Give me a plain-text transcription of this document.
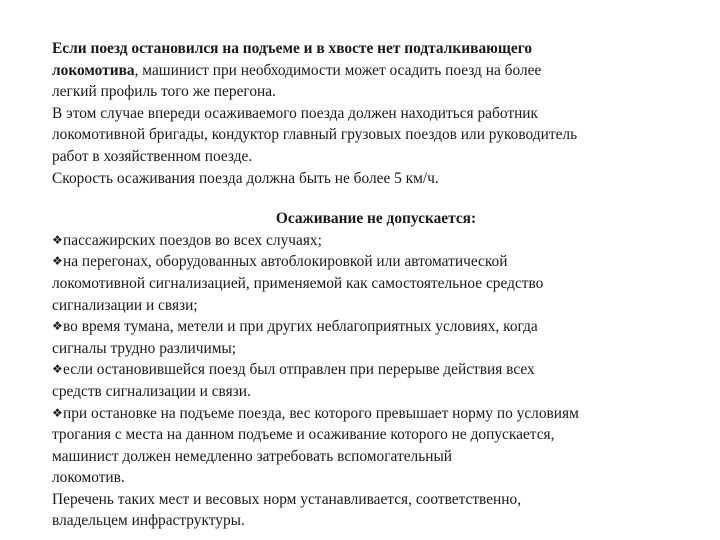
Если поезд остановился на подъеме и в хвосте нет подталкивающего
локомотива, машинист при необходимости может осадить поезд на более
легкий профиль того же перегона.
В этом случае впереди осаживаемого поезда должен находиться работник
локомотивной бригады, кондуктор главный грузовых поездов или руководитель
работ в хозяйственном поезде.
Скорость осаживания поезда должна быть не более 5 км/ч.
Осаживание не допускается:
❖пассажирских поездов во всех случаях;
❖на перегонах, оборудованных автоблокировкой или автоматической
локомотивной сигнализацией, применяемой как самостоятельное средство
сигнализации и связи;
❖во время тумана, метели и при других неблагоприятных условиях, когда
сигналы трудно различимы;
❖если остановившейся поезд был отправлен при перерыве действия всех
средств сигнализации и связи.
❖при остановке на подъеме поезда, вес которого превышает норму по условиям
трогания с места на данном подъеме и осаживание которого не допускается,
машинист должен немедленно затребовать вспомогательный
локомотив.
Перечень таких мест и весовых норм устанавливается, соответственно,
владельцем инфраструктуры.
